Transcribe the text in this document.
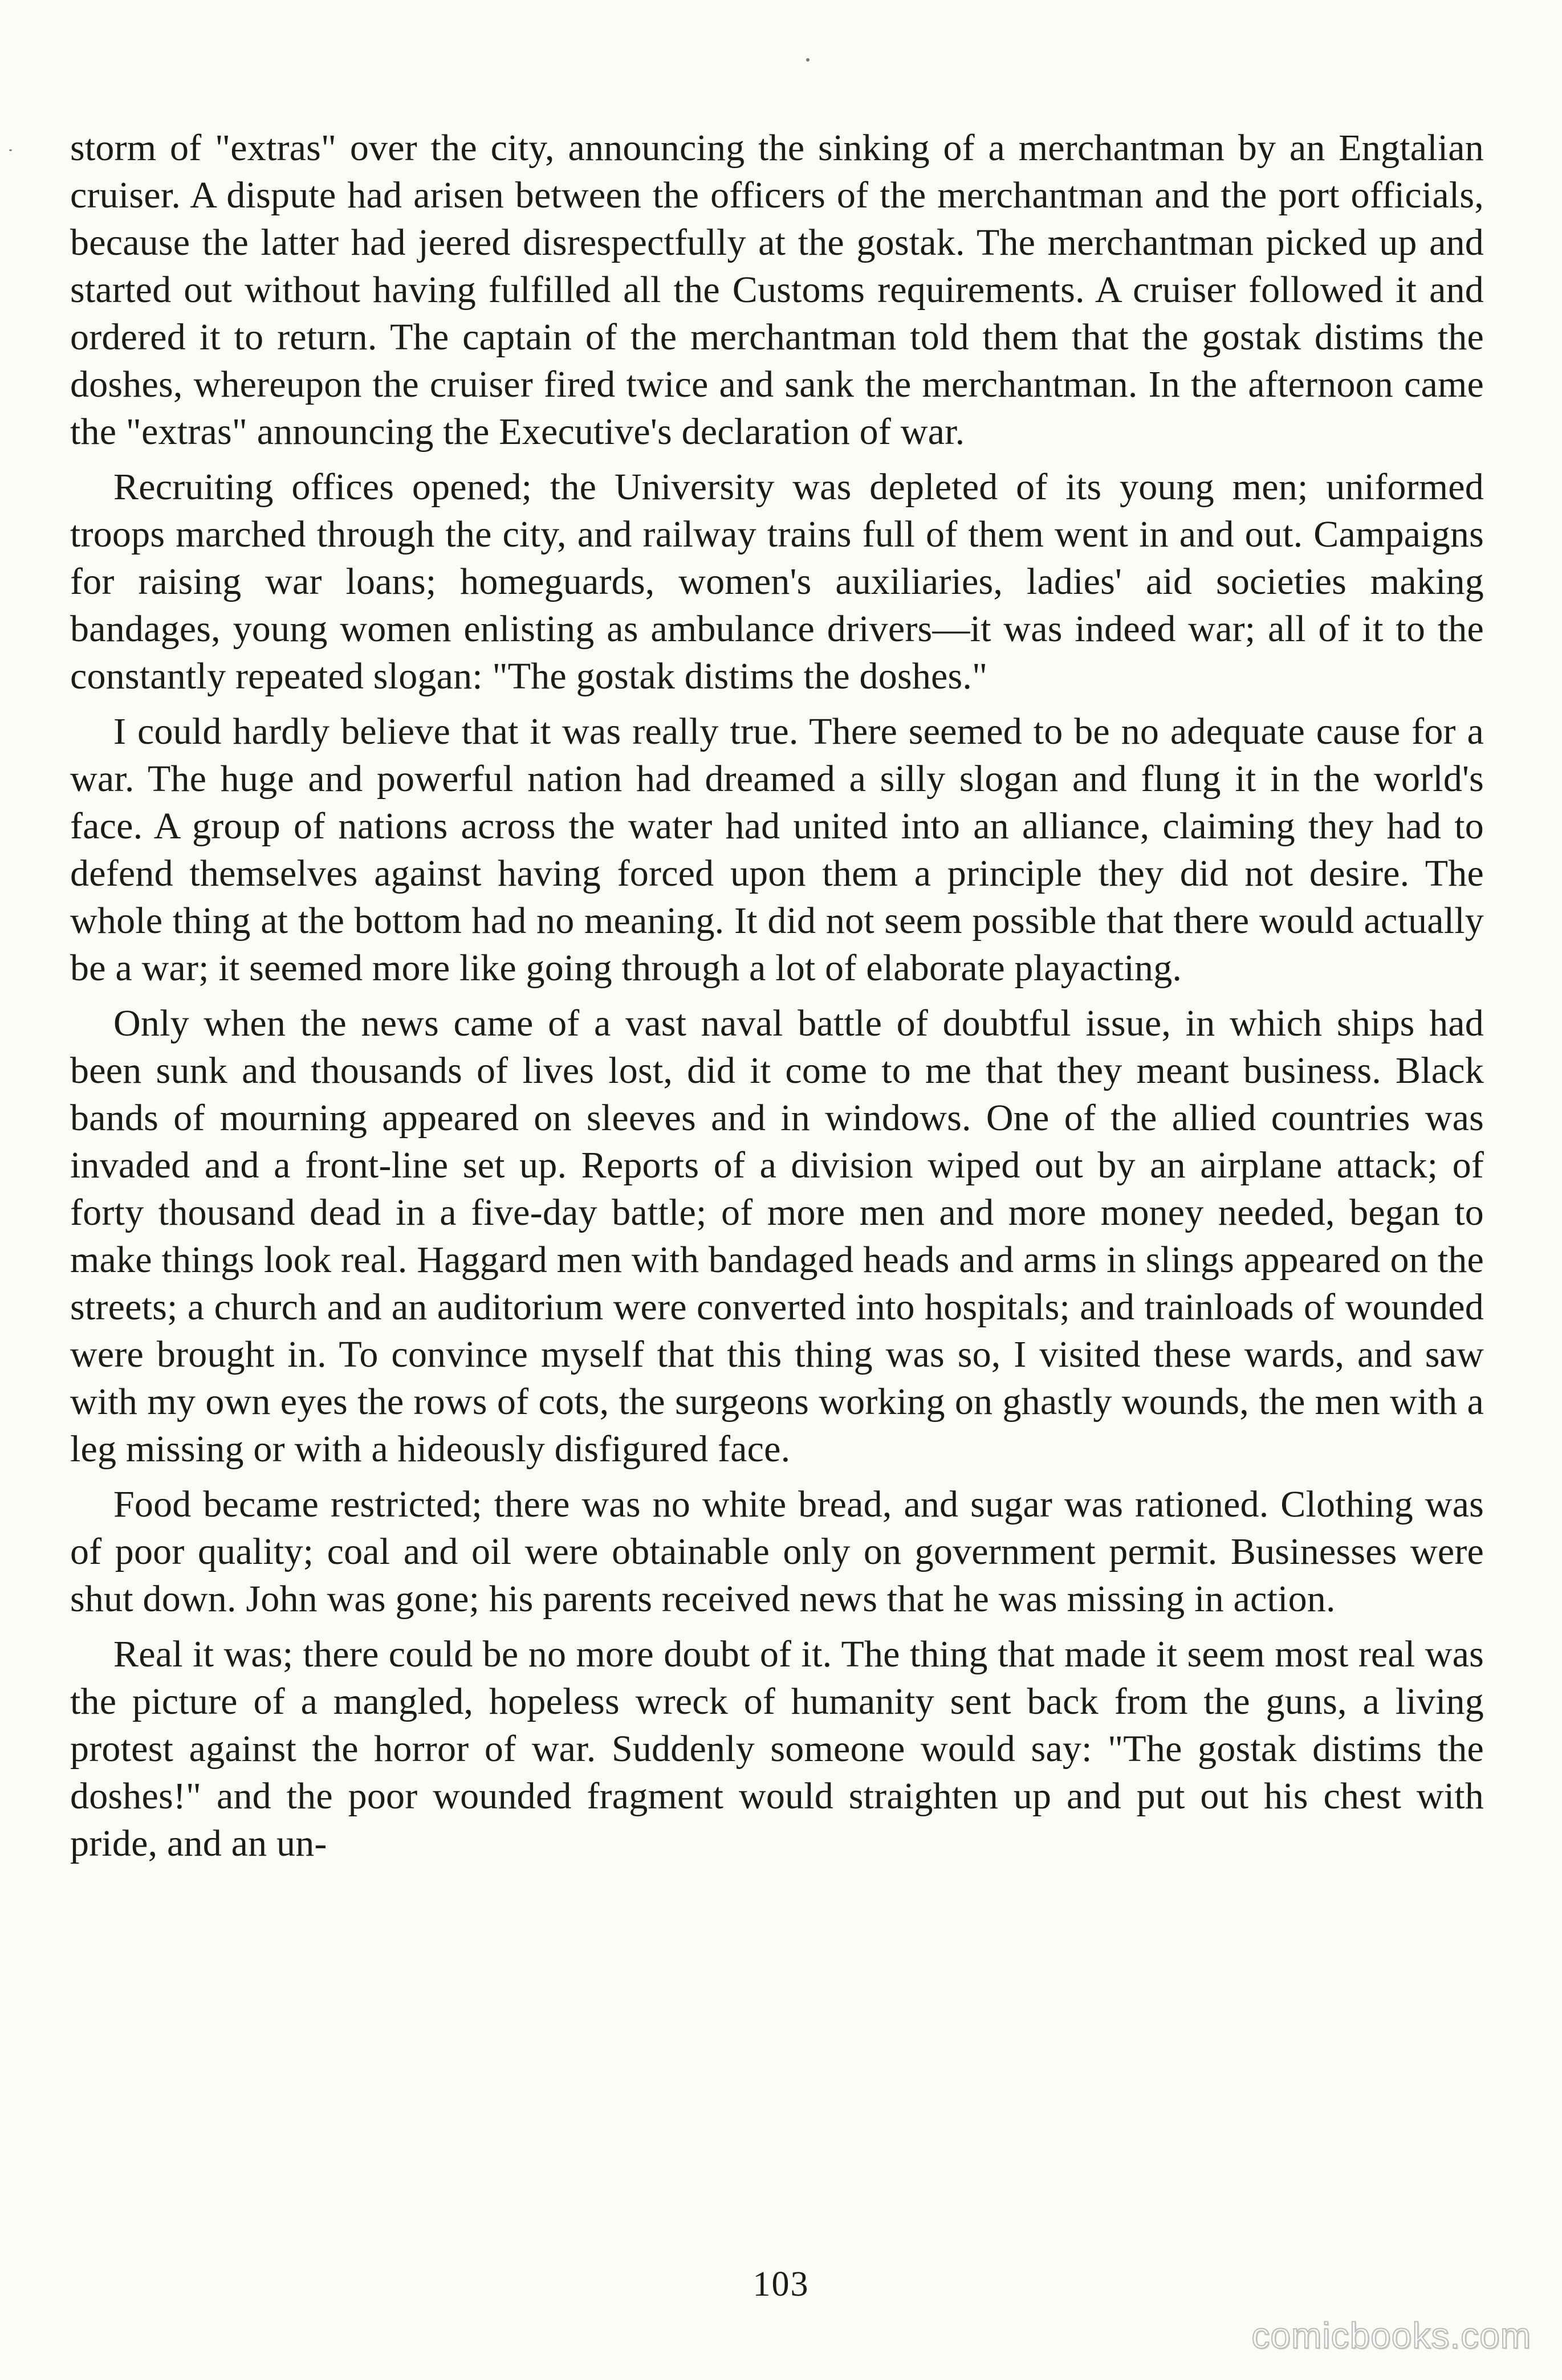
storm of "extras" over the city, announcing the sinking of a merchantman by an Engtalian cruiser. A dispute had arisen between the officers of the merchantman and the port officials, because the latter had jeered disrespectfully at the gostak. The merchantman picked up and started out without having fulfilled all the Customs requirements. A cruiser followed it and ordered it to return. The captain of the merchantman told them that the gostak distims the doshes, whereupon the cruiser fired twice and sank the merchantman. In the afternoon came the "extras" announcing the Executive's declaration of war.

Recruiting offices opened; the University was depleted of its young men; uniformed troops marched through the city, and railway trains full of them went in and out. Campaigns for raising war loans; homeguards, women's auxiliaries, ladies' aid societies making bandages, young women enlisting as ambulance drivers—it was indeed war; all of it to the constantly repeated slogan: "The gostak distims the doshes."

I could hardly believe that it was really true. There seemed to be no adequate cause for a war. The huge and powerful nation had dreamed a silly slogan and flung it in the world's face. A group of nations across the water had united into an alliance, claiming they had to defend themselves against having forced upon them a principle they did not desire. The whole thing at the bottom had no meaning. It did not seem possible that there would actually be a war; it seemed more like going through a lot of elaborate playacting.

Only when the news came of a vast naval battle of doubtful issue, in which ships had been sunk and thousands of lives lost, did it come to me that they meant business. Black bands of mourning appeared on sleeves and in windows. One of the allied countries was invaded and a front-line set up. Reports of a division wiped out by an airplane attack; of forty thousand dead in a five-day battle; of more men and more money needed, began to make things look real. Haggard men with bandaged heads and arms in slings appeared on the streets; a church and an auditorium were converted into hospitals; and trainloads of wounded were brought in. To convince myself that this thing was so, I visited these wards, and saw with my own eyes the rows of cots, the surgeons working on ghastly wounds, the men with a leg missing or with a hideously disfigured face.

Food became restricted; there was no white bread, and sugar was rationed. Clothing was of poor quality; coal and oil were obtainable only on government permit. Businesses were shut down. John was gone; his parents received news that he was missing in action.

Real it was; there could be no more doubt of it. The thing that made it seem most real was the picture of a mangled, hopeless wreck of humanity sent back from the guns, a living protest against the horror of war. Suddenly someone would say: "The gostak distims the doshes!" and the poor wounded fragment would straighten up and put out his chest with pride, and an un-

103
comicbooks.com
